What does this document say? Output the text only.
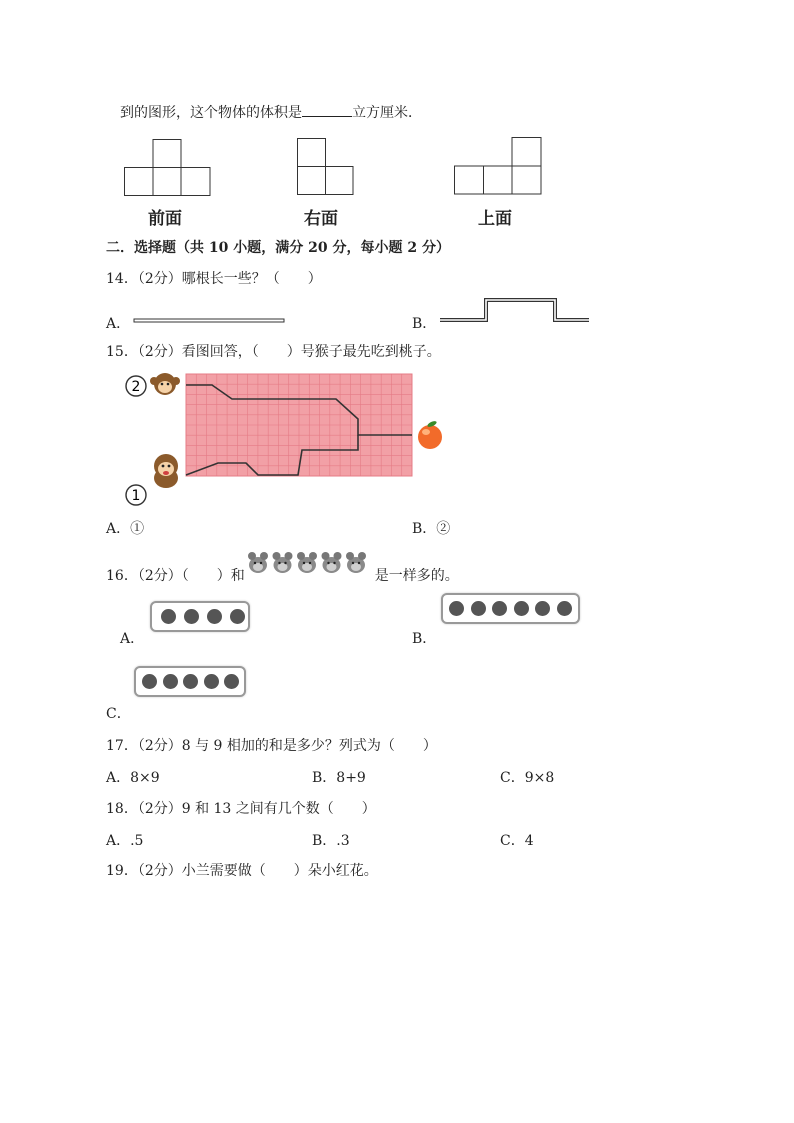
到的图形，这个物体的体积是	立方厘米．
前面	右面	上面
二．选择题（共 10 小题，满分 20 分，每小题 2 分）
14．（2分）哪根长一些？（　　）
A．	B．
15．（2分）看图回答，（　　）号猴子最先吃到桃子。
2
1
A．①	B．②
16．（2分）（　　）和	是一样多的。
A．	B．
C．
17．（2分）8 与 9 相加的和是多少？列式为（　　）
A．8×9	B．8+9	C．9×8
18．（2分）9 和 13 之间有几个数（　　）
A．.5	B．.3	C．4
19．（2分）小兰需要做（　　）朵小红花。
